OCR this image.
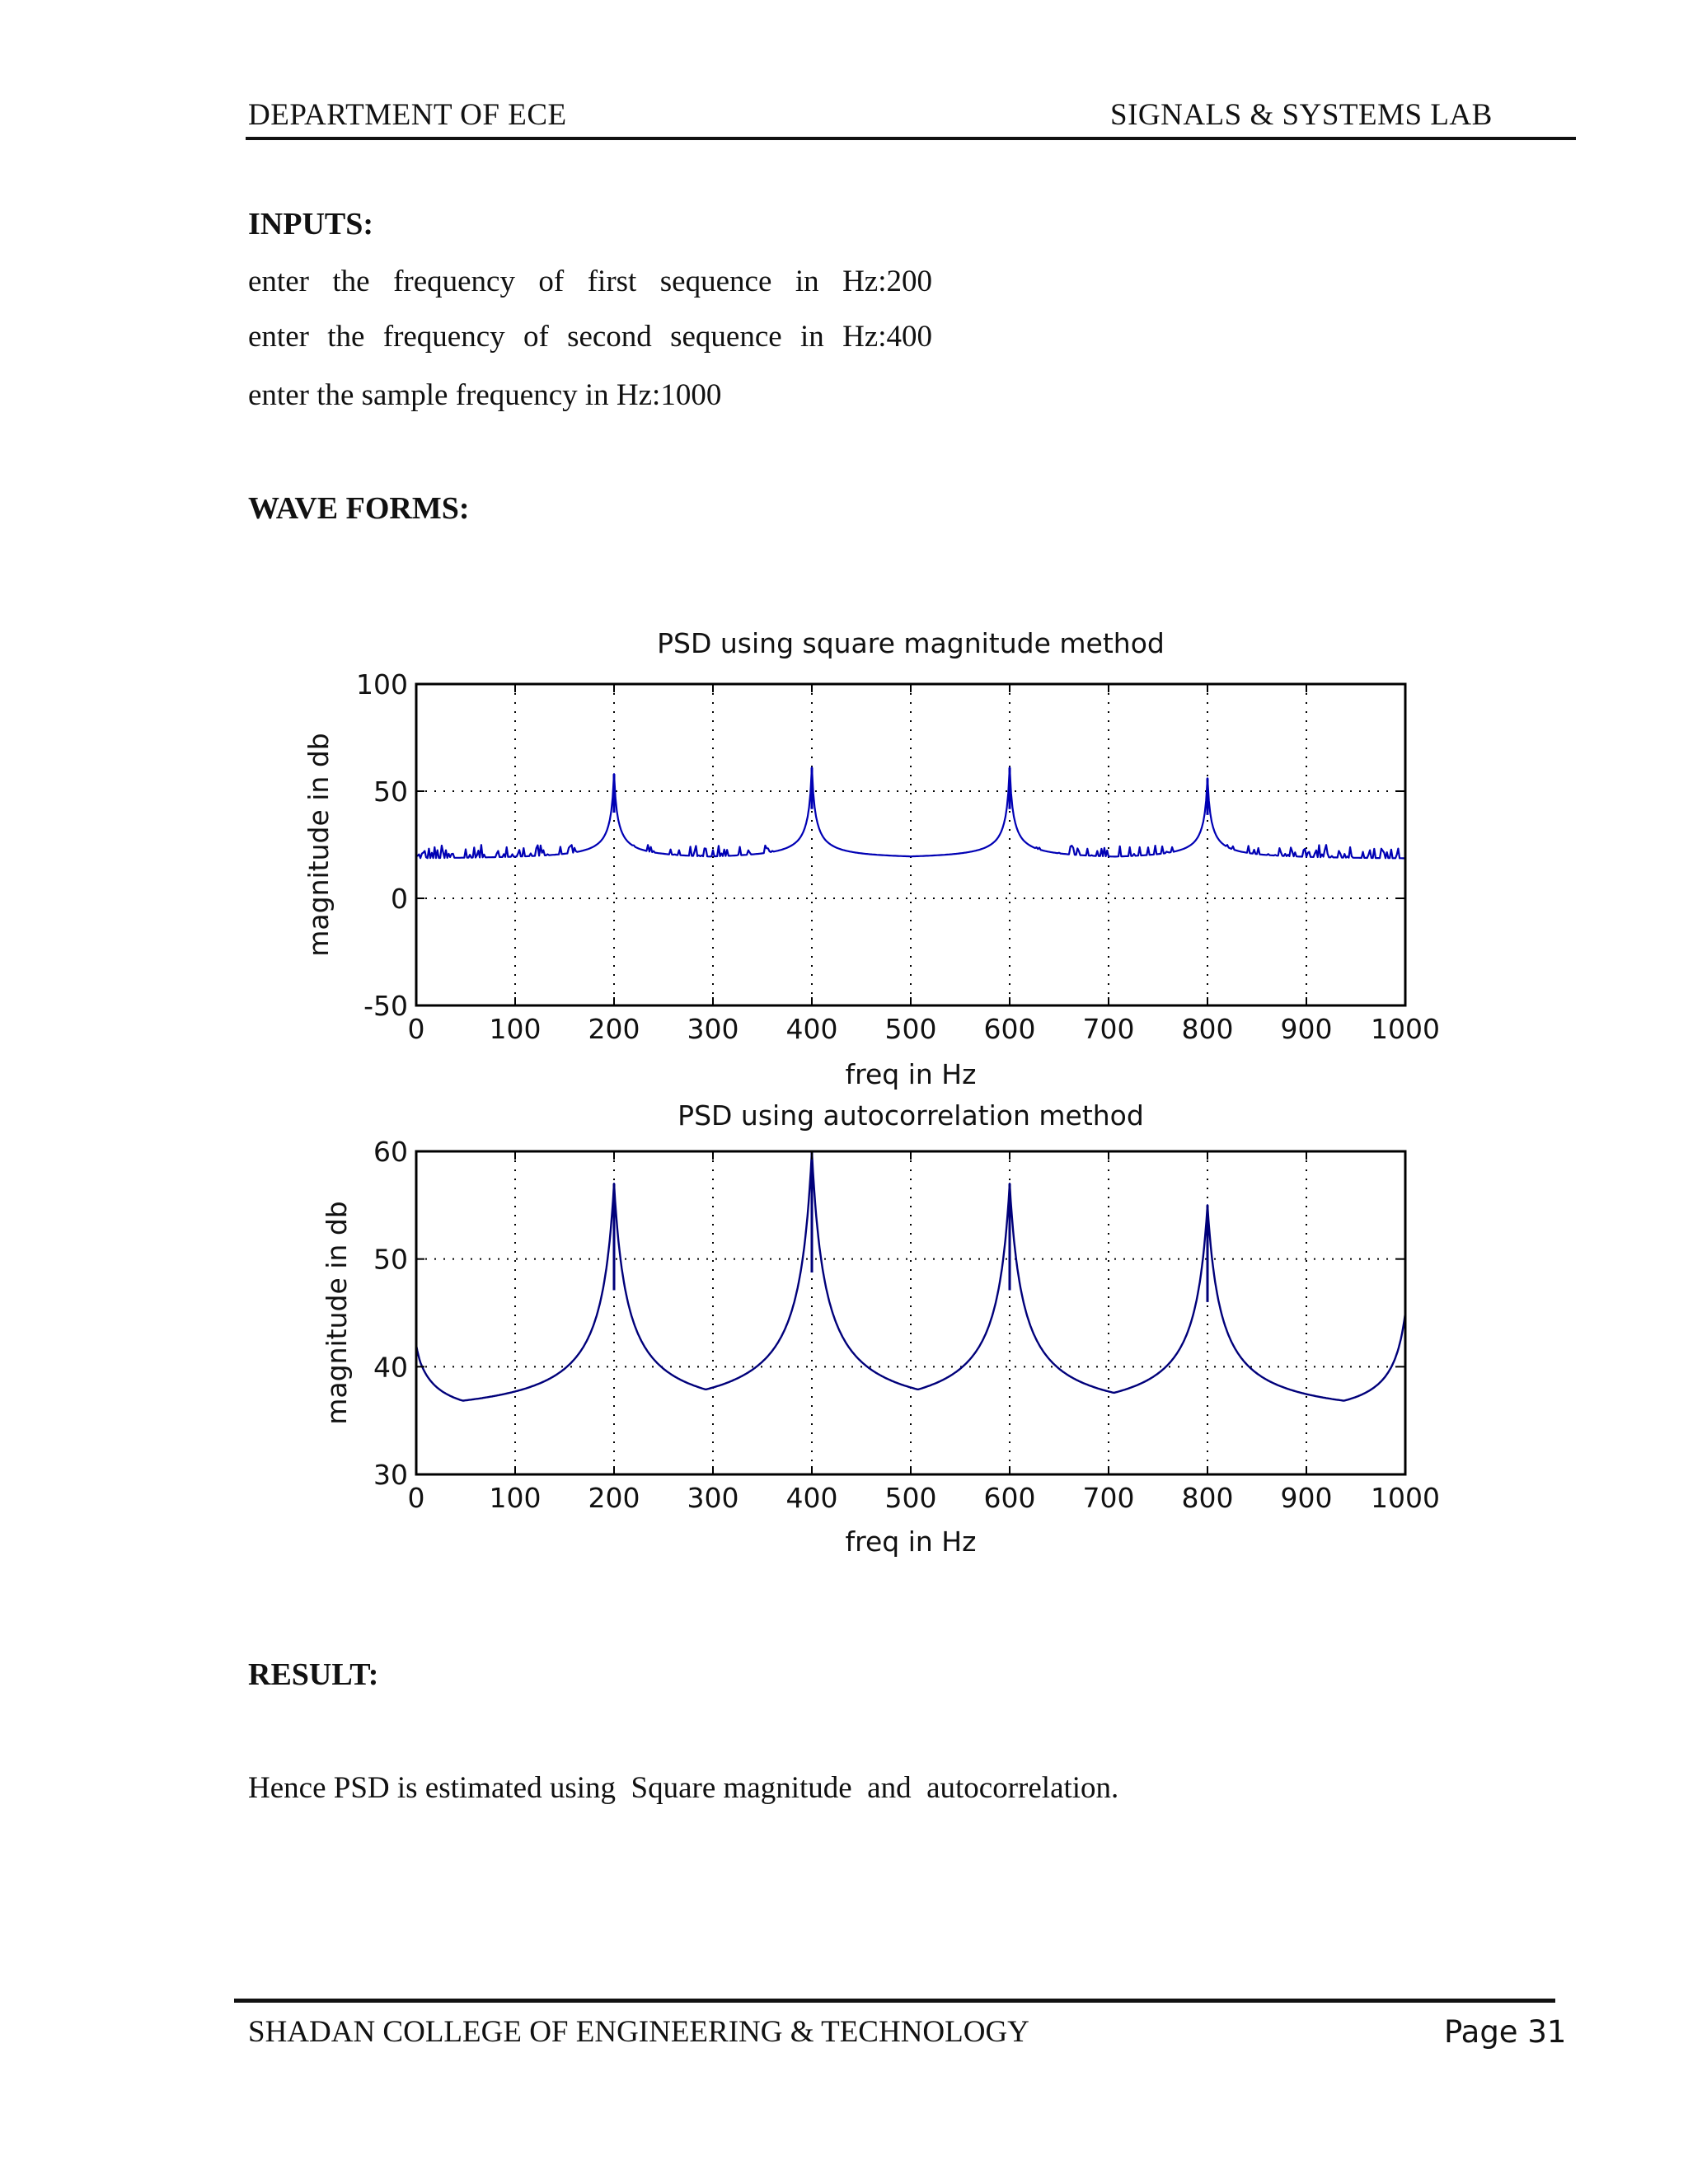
DEPARTMENT OF ECE	SIGNALS & SYSTEMS LAB
INPUTS:
enter the frequency of first sequence in Hz:200
enter the frequency of second sequence in Hz:400
enter the sample frequency in Hz:1000
WAVE FORMS:
0 100 200 300 400 500 600 700 800 900 1000
-50
0
50
100
PSD using square magnitude method
freq in Hz
magnitude in db
0 100 200 300 400 500 600 700 800 900 1000
30
40
50
60
PSD using autocorrelation method
freq in Hz
magnitude in db
RESULT:
Hence PSD is estimated using  Square magnitude  and  autocorrelation.
SHADAN COLLEGE OF ENGINEERING & TECHNOLOGY	Page 31
